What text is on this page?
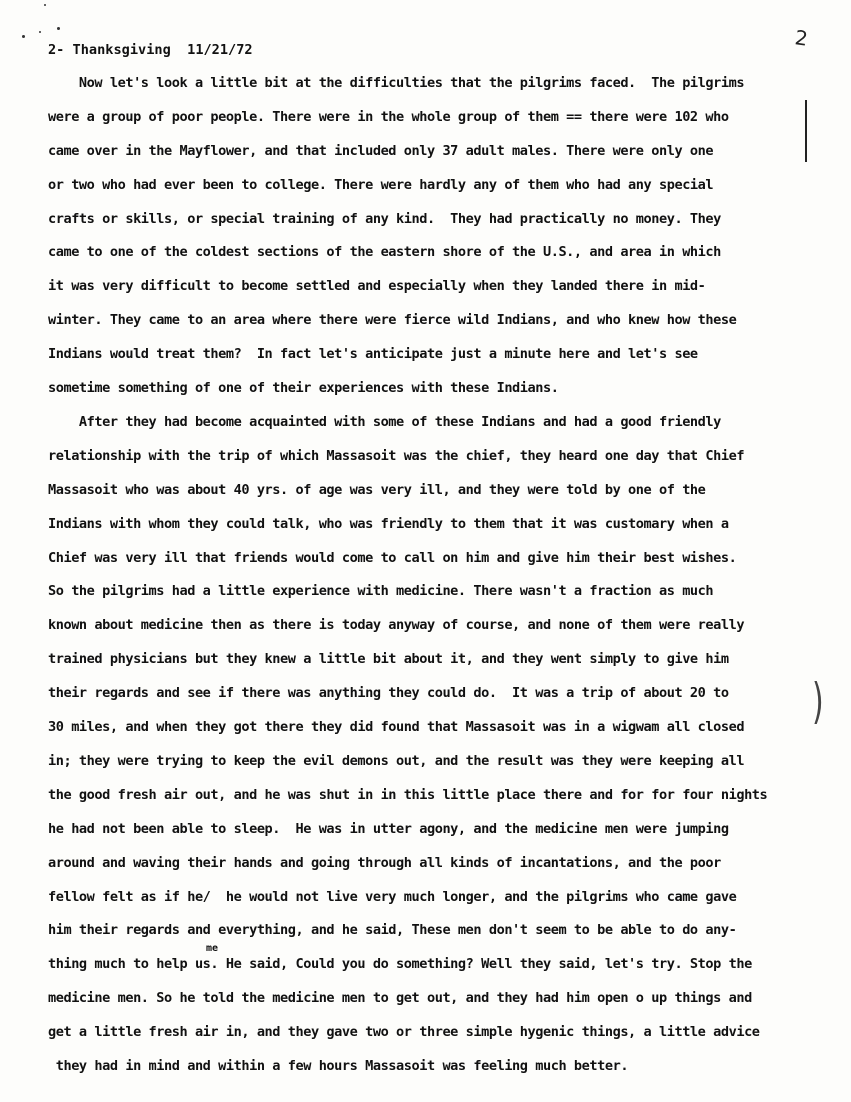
2- Thanksgiving  11/21/72	2
)
Now let's look a little bit at the difficulties that the pilgrims faced.  The pilgrims
were a group of poor people. There were in the whole group of them == there were 102 who
came over in the Mayflower, and that included only 37 adult males. There were only one
or two who had ever been to college. There were hardly any of them who had any special
crafts or skills, or special training of any kind.  They had practically no money. They
came to one of the coldest sections of the eastern shore of the U.S., and area in which
it was very difficult to become settled and especially when they landed there in mid-
winter. They came to an area where there were fierce wild Indians, and who knew how these
Indians would treat them?  In fact let's anticipate just a minute here and let's see
sometime something of one of their experiences with these Indians.
After they had become acquainted with some of these Indians and had a good friendly
relationship with the trip of which Massasoit was the chief, they heard one day that Chief
Massasoit who was about 40 yrs. of age was very ill, and they were told by one of the
Indians with whom they could talk, who was friendly to them that it was customary when a
Chief was very ill that friends would come to call on him and give him their best wishes.
So the pilgrims had a little experience with medicine. There wasn't a fraction as much
known about medicine then as there is today anyway of course, and none of them were really
trained physicians but they knew a little bit about it, and they went simply to give him
their regards and see if there was anything they could do.  It was a trip of about 20 to
30 miles, and when they got there they did found that Massasoit was in a wigwam all closed
in; they were trying to keep the evil demons out, and the result was they were keeping all
the good fresh air out, and he was shut in in this little place there and for for four nights
he had not been able to sleep.  He was in utter agony, and the medicine men were jumping
around and waving their hands and going through all kinds of incantations, and the poor
fellow felt as if he/  he would not live very much longer, and the pilgrims who came gave
him their regards and everything, and he said, These men don't seem to be able to do any-
me
thing much to help us. He said, Could you do something? Well they said, let's try. Stop the
medicine men. So he told the medicine men to get out, and they had him open o up things and
get a little fresh air in, and they gave two or three simple hygenic things, a little advice
they had in mind and within a few hours Massasoit was feeling much better.
